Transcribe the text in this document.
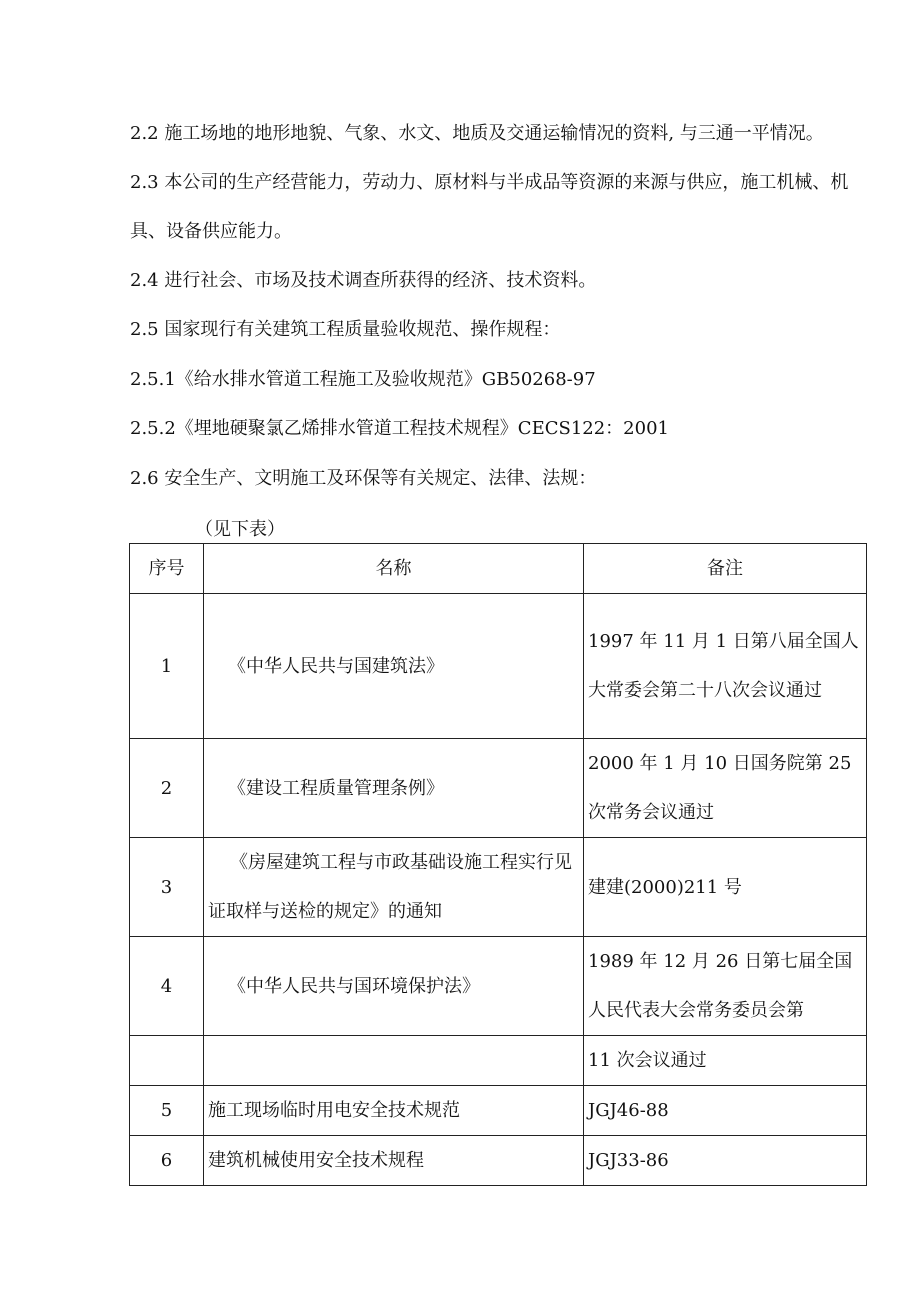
2.2 施工场地的地形地貌、气象、水文、地质及交通运输情况的资料, 与三通一平情况。
2.3 本公司的生产经营能力，劳动力、原材料与半成品等资源的来源与供应，施工机械、机具、设备供应能力。
2.4 进行社会、市场及技术调查所获得的经济、技术资料。
2.5 国家现行有关建筑工程质量验收规范、操作规程：
2.5.1《给水排水管道工程施工及验收规范》GB50268-97
2.5.2《埋地硬聚氯乙烯排水管道工程技术规程》CECS122：2001
2.6 安全生产、文明施工及环保等有关规定、法律、法规：
（见下表）
序号	名称	备注
1	《中华人民共与国建筑法》	1997 年 11 月 1 日第八届全国人大常委会第二十八次会议通过
2	《建设工程质量管理条例》	2000 年 1 月 10 日国务院第 25 次常务会议通过
3	《房屋建筑工程与市政基础设施工程实行见证取样与送检的规定》的通知	建建(2000)211 号
4	《中华人民共与国环境保护法》	1989 年 12 月 26 日第七届全国人民代表大会常务委员会第
		11 次会议通过
5	施工现场临时用电安全技术规范	JGJ46-88
6	建筑机械使用安全技术规程	JGJ33-86
